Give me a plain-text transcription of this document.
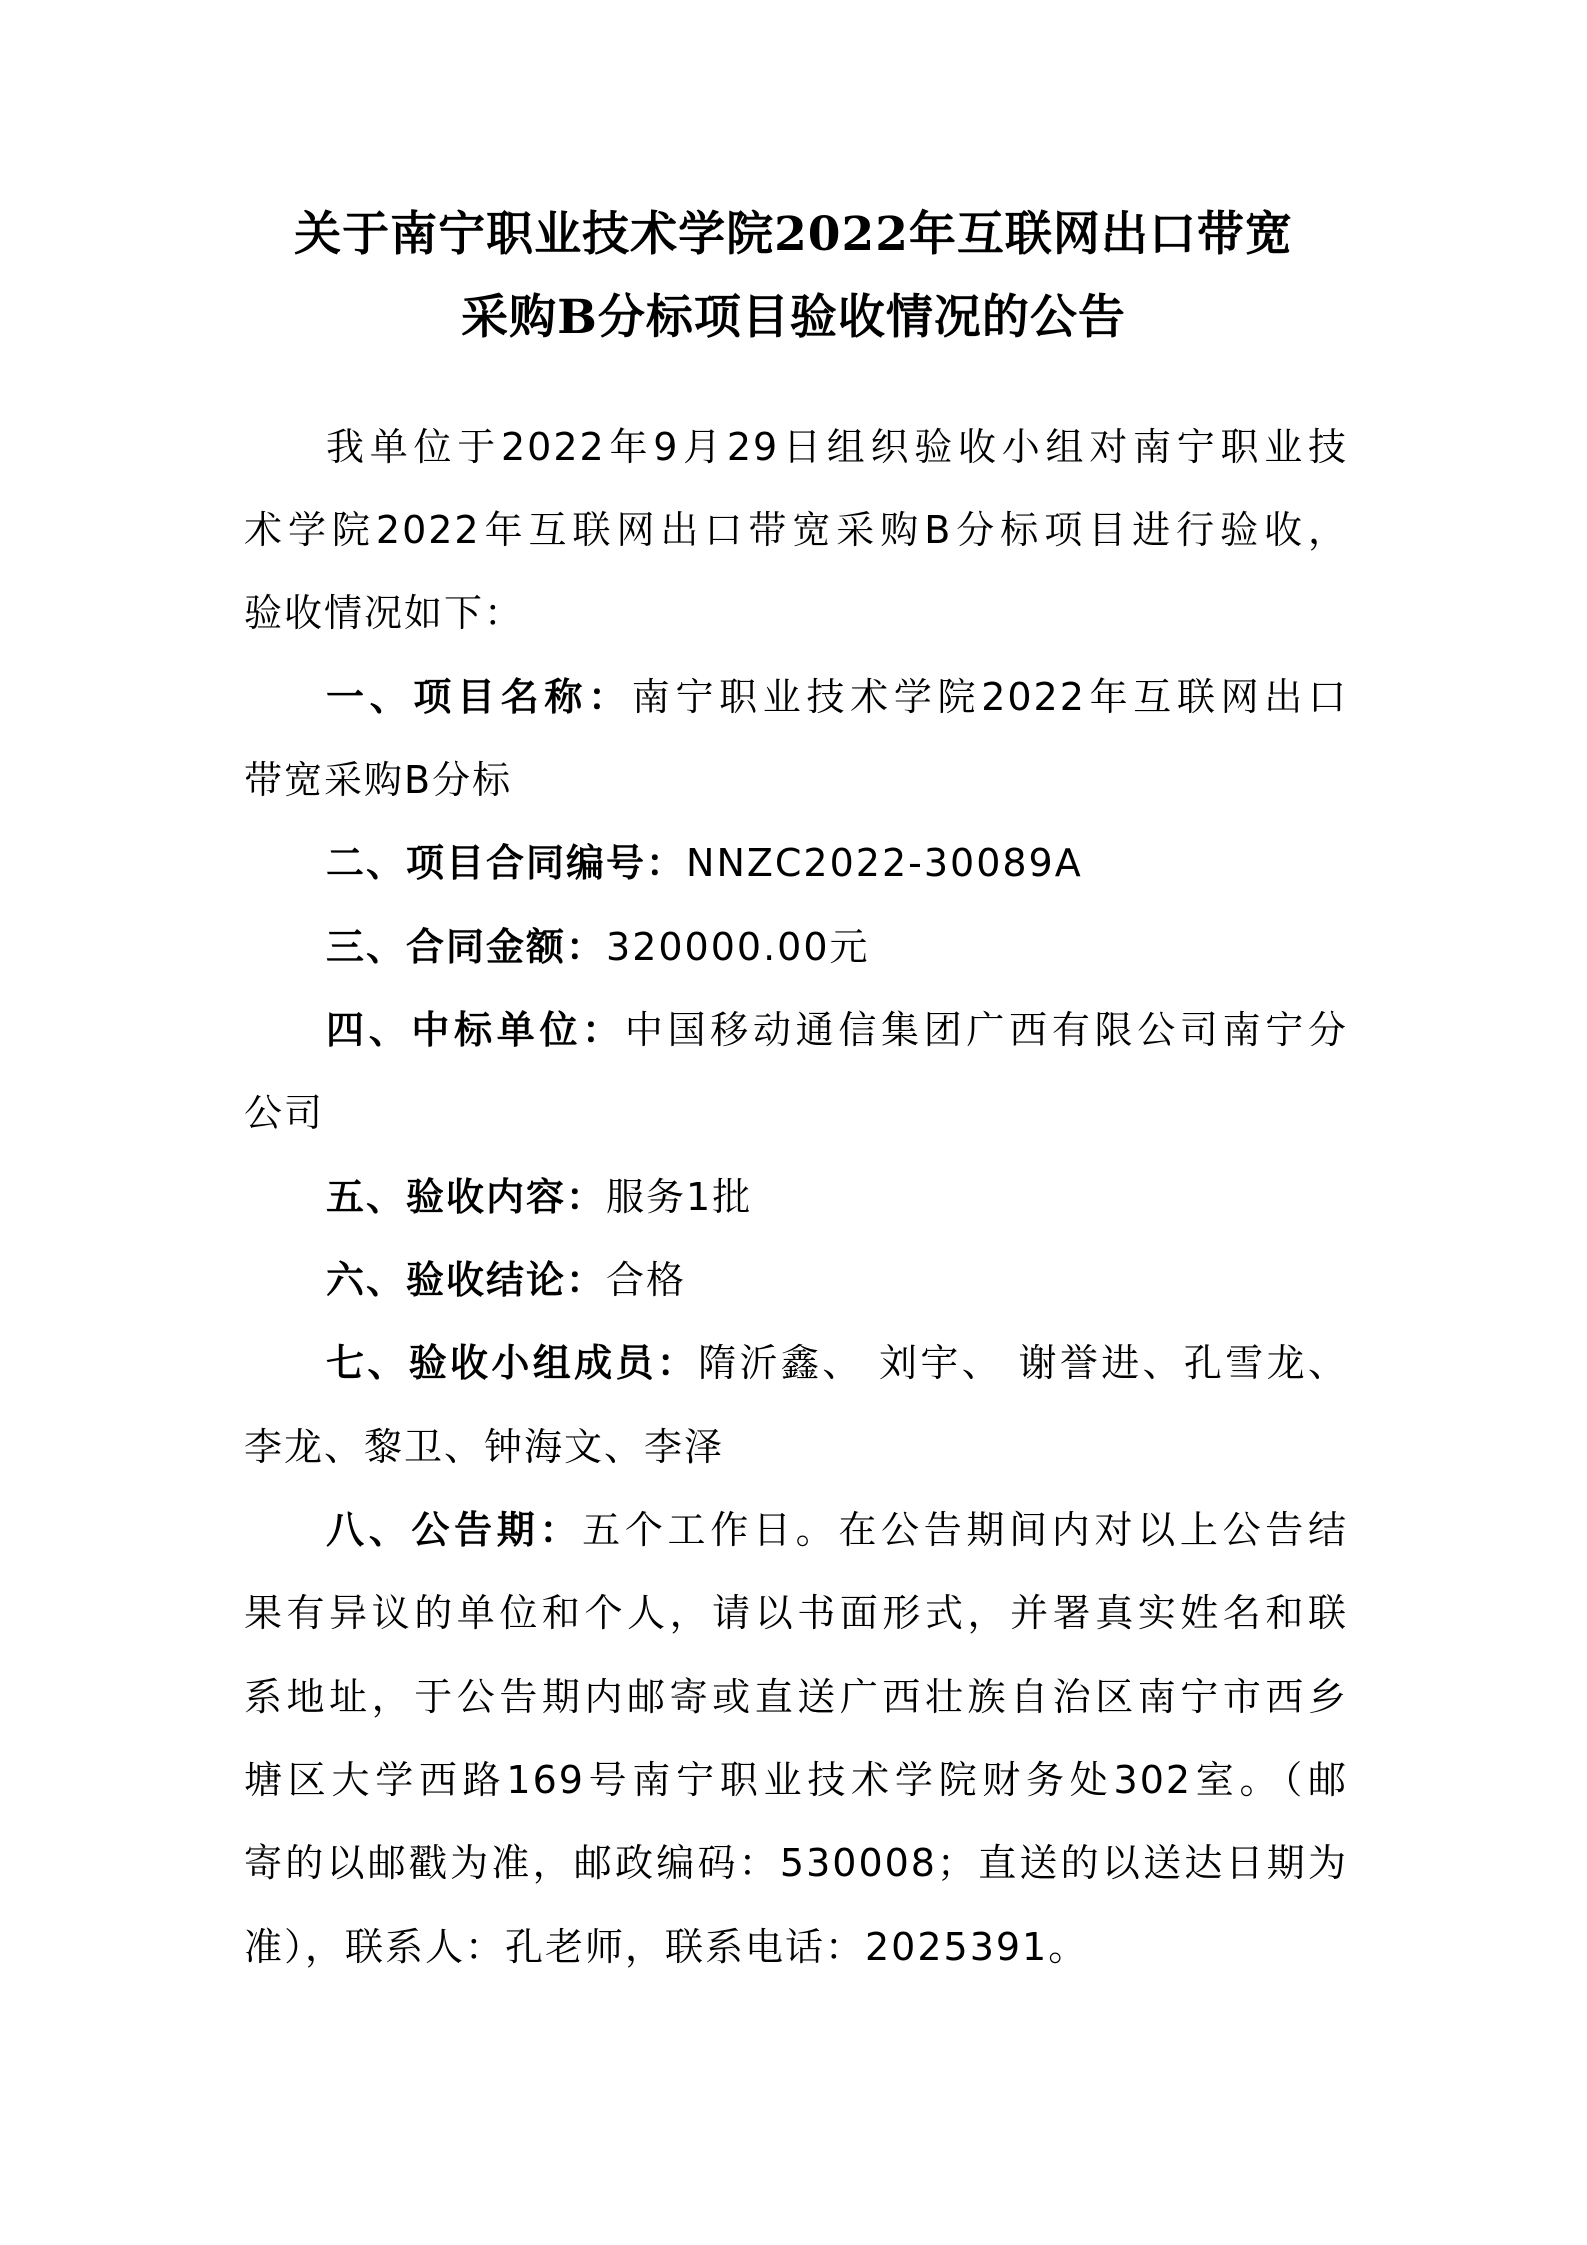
关于南宁职业技术学院2022年互联网出口带宽
采购B分标项目验收情况的公告
我单位于2022年9月29日组织验收小组对南宁职业技
术学院2022年互联网出口带宽采购B分标项目进行验收，
验收情况如下：
一、项目名称：南宁职业技术学院2022年互联网出口
带宽采购B分标
二、项目合同编号：NNZC2022-30089A
三、合同金额：320000.00元
四、中标单位：中国移动通信集团广西有限公司南宁分
公司
五、验收内容：服务1批
六、验收结论：合格
七、验收小组成员：隋沂鑫、 刘宇、 谢誉进、孔雪龙、
李龙、黎卫、钟海文、李泽
八、公告期：五个工作日。在公告期间内对以上公告结
果有异议的单位和个人，请以书面形式，并署真实姓名和联
系地址，于公告期内邮寄或直送广西壮族自治区南宁市西乡
塘区大学西路169号南宁职业技术学院财务处302室。（邮
寄的以邮戳为准，邮政编码：530008；直送的以送达日期为
准），联系人：孔老师，联系电话：2025391。
